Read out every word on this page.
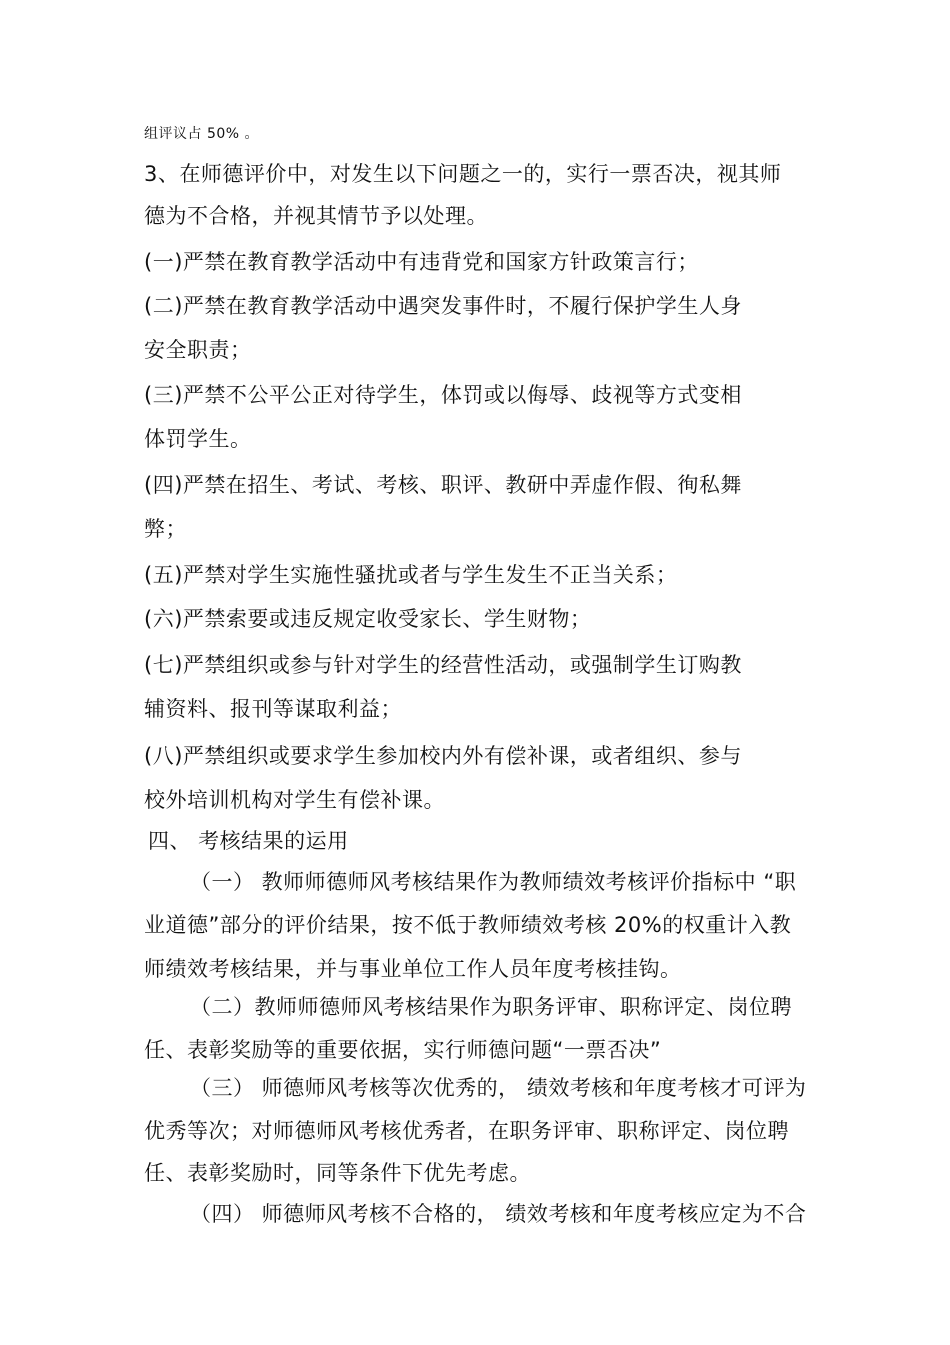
组评议占 50% 。
3、在师德评价中，对发生以下问题之一的，实行一票否决，视其师
德为不合格，并视其情节予以处理。
(一)严禁在教育教学活动中有违背党和国家方针政策言行；
(二)严禁在教育教学活动中遇突发事件时，不履行保护学生人身
安全职责；
(三)严禁不公平公正对待学生，体罚或以侮辱、歧视等方式变相
体罚学生。
(四)严禁在招生、考试、考核、职评、教研中弄虚作假、徇私舞
弊；
(五)严禁对学生实施性骚扰或者与学生发生不正当关系；
(六)严禁索要或违反规定收受家长、学生财物；
(七)严禁组织或参与针对学生的经营性活动，或强制学生订购教
辅资料、报刊等谋取利益；
(八)严禁组织或要求学生参加校内外有偿补课，或者组织、参与
校外培训机构对学生有偿补课。
四、 考核结果的运用
（一） 教师师德师风考核结果作为教师绩效考核评价指标中 “职
业道德”部分的评价结果，按不低于教师绩效考核 20%的权重计入教
师绩效考核结果，并与事业单位工作人员年度考核挂钩。
（二）教师师德师风考核结果作为职务评审、职称评定、岗位聘
任、表彰奖励等的重要依据，实行师德问题“一票否决”
（三） 师德师风考核等次优秀的， 绩效考核和年度考核才可评为
优秀等次；对师德师风考核优秀者，在职务评审、职称评定、岗位聘
任、表彰奖励时，同等条件下优先考虑。
（四） 师德师风考核不合格的， 绩效考核和年度考核应定为不合
